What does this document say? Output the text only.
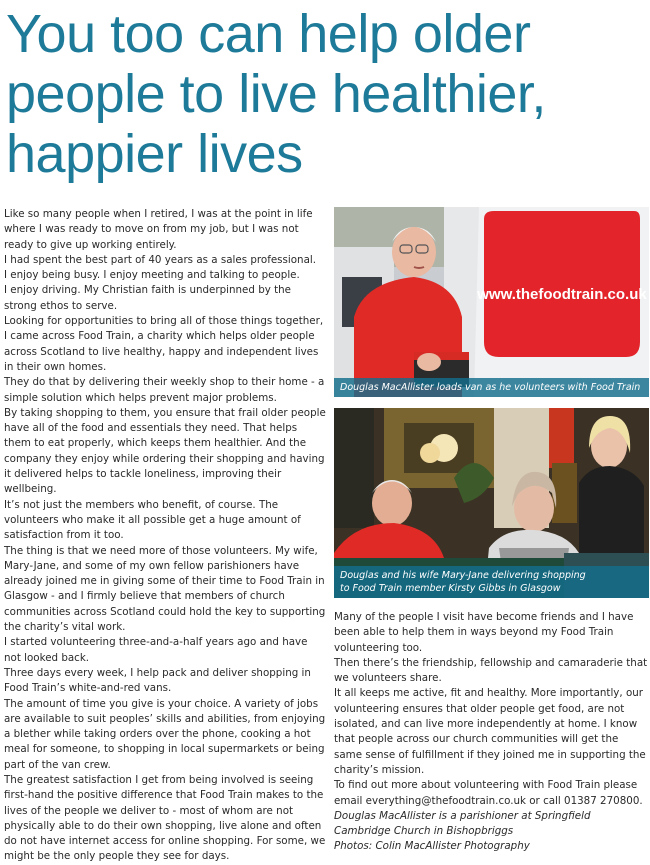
You too can help older
people to live healthier,
happier lives

Like so many people when I retired, I was at the point in life where I was ready to move on from my job, but I was not ready to give up working entirely.

I had spent the best part of 40 years as a sales professional.

I enjoy being busy. I enjoy meeting and talking to people.

I enjoy driving. My Christian faith is underpinned by the strong ethos to serve.

Looking for opportunities to bring all of those things together, I came across Food Train, a charity which helps older people across Scotland to live healthy, happy and independent lives in their own homes.

They do that by delivering their weekly shop to their home - a simple solution which helps prevent major problems.

By taking shopping to them, you ensure that frail older people have all of the food and essentials they need. That helps them to eat properly, which keeps them healthier. And the company they enjoy while ordering their shopping and having it delivered helps to tackle loneliness, improving their wellbeing.

It’s not just the members who benefit, of course. The volunteers who make it all possible get a huge amount of satisfaction from it too.

The thing is that we need more of those volunteers. My wife, Mary-Jane, and some of my own fellow parishioners have already joined me in giving some of their time to Food Train in Glasgow - and I firmly believe that members of church communities across Scotland could hold the key to supporting the charity’s vital work.

I started volunteering three-and-a-half years ago and have not looked back.

Three days every week, I help pack and deliver shopping in Food Train’s white-and-red vans.

The amount of time you give is your choice. A variety of jobs are available to suit peoples’ skills and abilities, from enjoying a blether while taking orders over the phone, cooking a hot meal for someone, to shopping in local supermarkets or being part of the van crew.

The greatest satisfaction I get from being involved is seeing first-hand the positive difference that Food Train makes to the lives of the people we deliver to - most of whom are not physically able to do their own shopping, live alone and often do not have internet access for online shopping. For some, we might be the only people they see for days.

www.thefoodtrain.co.uk
Douglas MacAllister loads van as he volunteers with Food Train
Douglas and his wife Mary-Jane delivering shopping
to Food Train member Kirsty Gibbs in Glasgow

Many of the people I visit have become friends and I have been able to help them in ways beyond my Food Train volunteering too.

Then there’s the friendship, fellowship and camaraderie that we volunteers share.

It all keeps me active, fit and healthy. More importantly, our volunteering ensures that older people get food, are not isolated, and can live more independently at home. I know that people across our church communities will get the same sense of fulfillment if they joined me in supporting the charity’s mission.

To find out more about volunteering with Food Train please email everything@thefoodtrain.co.uk or call 01387 270800.

Douglas MacAllister is a parishioner at Springfield Cambridge Church in Bishopbriggs

Photos: Colin MacAllister Photography
